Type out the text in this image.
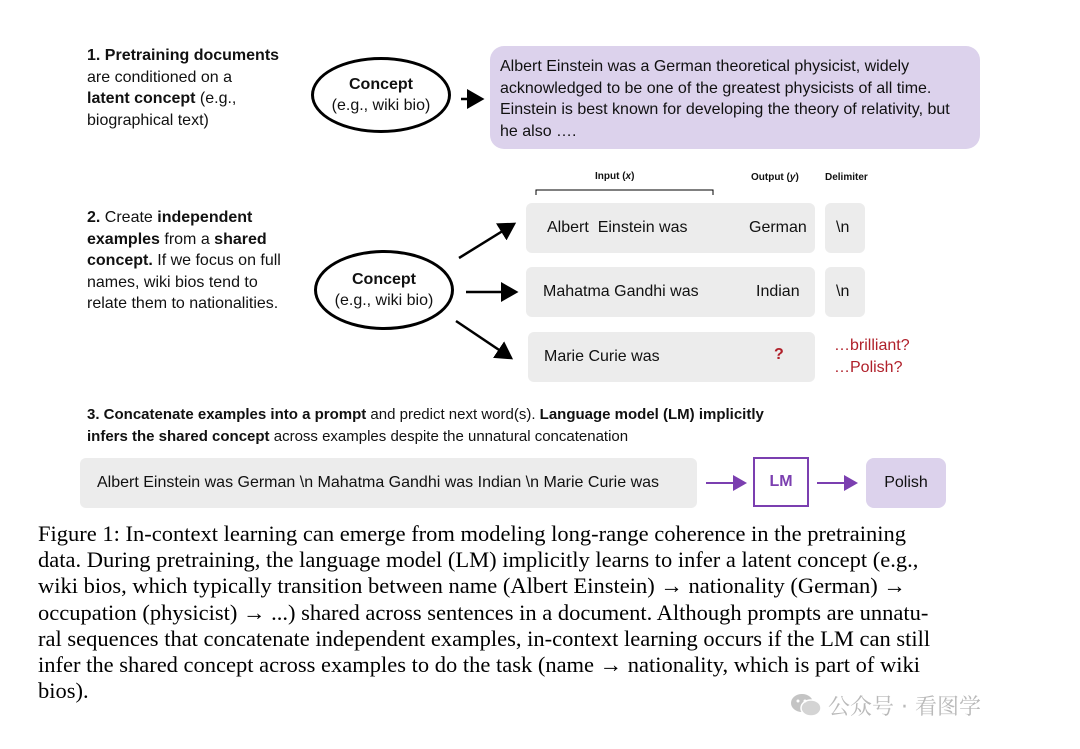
1. Pretraining documents
are conditioned on a
latent concept (e.g.,
biographical text)
Concept
(e.g., wiki bio)
Albert Einstein was a German theoretical physicist, widely acknowledged to be one of the greatest physicists of all time. Einstein is best known for developing the theory of relativity, but he also ….
2. Create independent
examples from a shared
concept. If we focus on full
names, wiki bios tend to
relate them to nationalities.
Concept
(e.g., wiki bio)
Input (x)	Output (y)	Delimiter
Albert  Einstein was	German \n
Mahatma Gandhi was	Indian \n
Marie Curie was	?
…brilliant?
…Polish?
3. Concatenate examples into a prompt and predict next word(s). Language model (LM) implicitly
infers the shared concept across examples despite the unnatural concatenation
Albert Einstein was German \n Mahatma Gandhi was Indian \n Marie Curie was	LM	Polish
Figure 1: In-context learning can emerge from modeling long-range coherence in the pretraining
data. During pretraining, the language model (LM) implicitly learns to infer a latent concept (e.g.,
wiki bios, which typically transition between name (Albert Einstein) → nationality (German) →
occupation (physicist) → ...) shared across sentences in a document. Although prompts are unnatu-
ral sequences that concatenate independent examples, in-context learning occurs if the LM can still
infer the shared concept across examples to do the task (name → nationality, which is part of wiki
bios).
公众号 · 看图学
